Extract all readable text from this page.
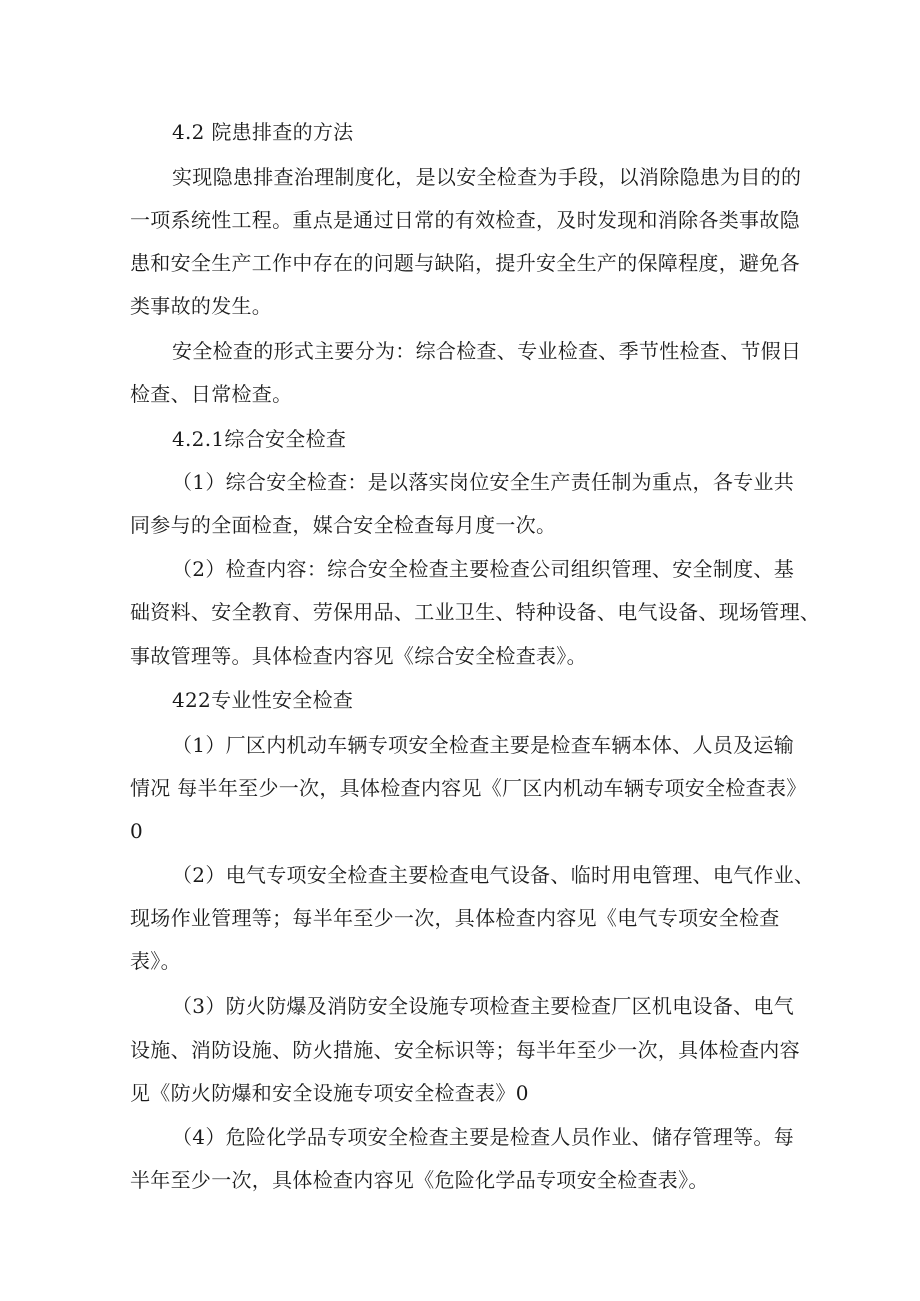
4.2 院患排查的方法
实现隐患排查治理制度化，是以安全检查为手段，以消除隐患为目的的
一项系统性工程。重点是通过日常的有效检查，及时发现和消除各类事故隐
患和安全生产工作中存在的问题与缺陷，提升安全生产的保障程度，避免各
类事故的发生。
安全检查的形式主要分为：综合检查、专业检查、季节性检查、节假日
检查、日常检查。
4.2.1综合安全检查
（1）综合安全检查：是以落实岗位安全生产责任制为重点，各专业共
同参与的全面检查，媒合安全检查每月度一次。
（2）检查内容：综合安全检查主要检查公司组织管理、安全制度、基
础资料、安全教育、劳保用品、工业卫生、特种设备、电气设备、现场管理、
事故管理等。具体检查内容见《综合安全检查表》。
422专业性安全检查
（1）厂区内机动车辆专项安全检查主要是检查车辆本体、人员及运输
情况 每半年至少一次，具体检查内容见《厂区内机动车辆专项安全检查表》
0
（2）电气专项安全检查主要检查电气设备、临时用电管理、电气作业、
现场作业管理等；每半年至少一次，具体检查内容见《电气专项安全检查
表》。
（3）防火防爆及消防安全设施专项检查主要检查厂区机电设备、电气
设施、消防设施、防火措施、安全标识等；每半年至少一次，具体检查内容
见《防火防爆和安全设施专项安全检查表》0
（4）危险化学品专项安全检查主要是检查人员作业、储存管理等。每
半年至少一次，具体检查内容见《危险化学品专项安全检查表》。
